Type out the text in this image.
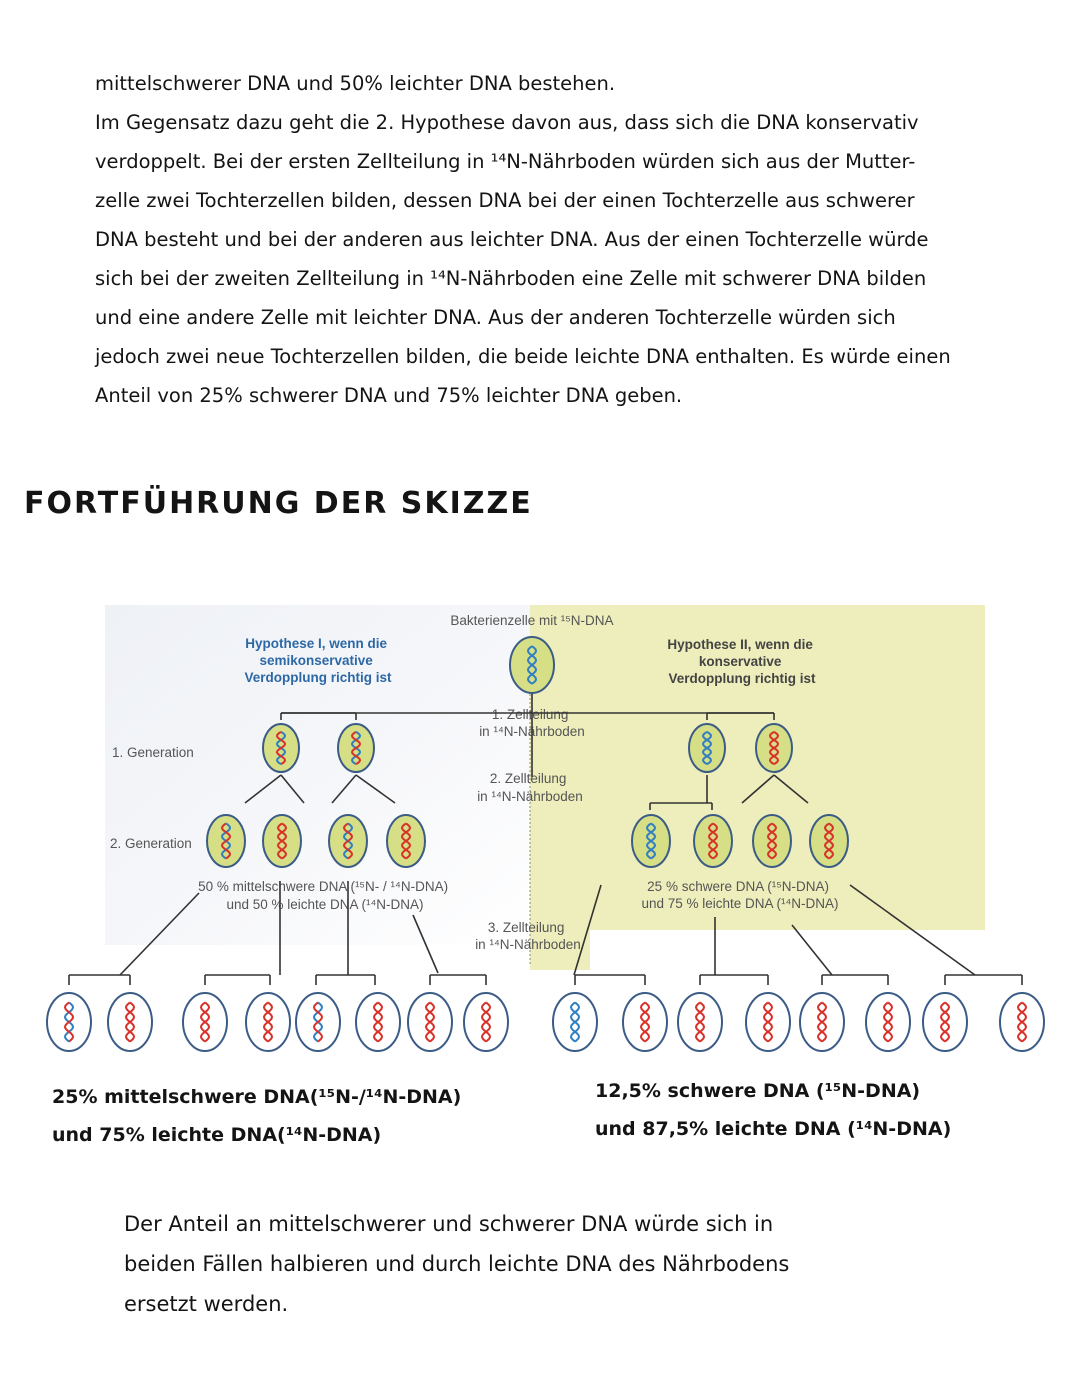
mittelschwerer DNA und 50% leichter DNA bestehen.
Im Gegensatz dazu geht die 2. Hypothese davon aus, dass sich die DNA konservativ
verdoppelt. Bei der ersten Zellteilung in ¹⁴N-Nährboden würden sich aus der Mutter-
zelle zwei Tochterzellen bilden, dessen DNA bei der einen Tochterzelle aus schwerer
DNA besteht und bei der anderen aus leichter DNA. Aus der einen Tochterzelle würde
sich bei der zweiten Zellteilung in ¹⁴N-Nährboden eine Zelle mit schwerer DNA bilden
und eine andere Zelle mit leichter DNA. Aus der anderen Tochterzelle würden sich
jedoch zwei neue Tochterzellen bilden, die beide leichte DNA enthalten. Es würde einen
Anteil von 25% schwerer DNA und 75% leichter DNA geben.
FORTFÜHRUNG DER SKIZZE
Bakterienzelle mit ¹⁵N-DNA
Hypothese I, wenn die semikonservative Verdopplung richtig ist
Hypothese II, wenn die konservative Verdopplung richtig ist
1. Zellteilung in ¹⁴N-Nährboden
2. Zellteilung in ¹⁴N-Nährboden
3. Zellteilung in ¹⁴N-Nährboden
1. Generation
2. Generation
50 % mittelschwere DNA (¹⁵N- / ¹⁴N-DNA) und 50 % leichte DNA (¹⁴N-DNA)
25 % schwere DNA (¹⁵N-DNA) und 75 % leichte DNA (¹⁴N-DNA)
25% mittelschwere DNA(¹⁵N-/¹⁴N-DNA)
und 75% leichte DNA(¹⁴N-DNA)
12,5% schwere DNA (¹⁵N-DNA)
und 87,5% leichte DNA (¹⁴N-DNA)
Der Anteil an mittelschwerer und schwerer DNA würde sich in
beiden Fällen halbieren und durch leichte DNA des Nährbodens
ersetzt werden.
